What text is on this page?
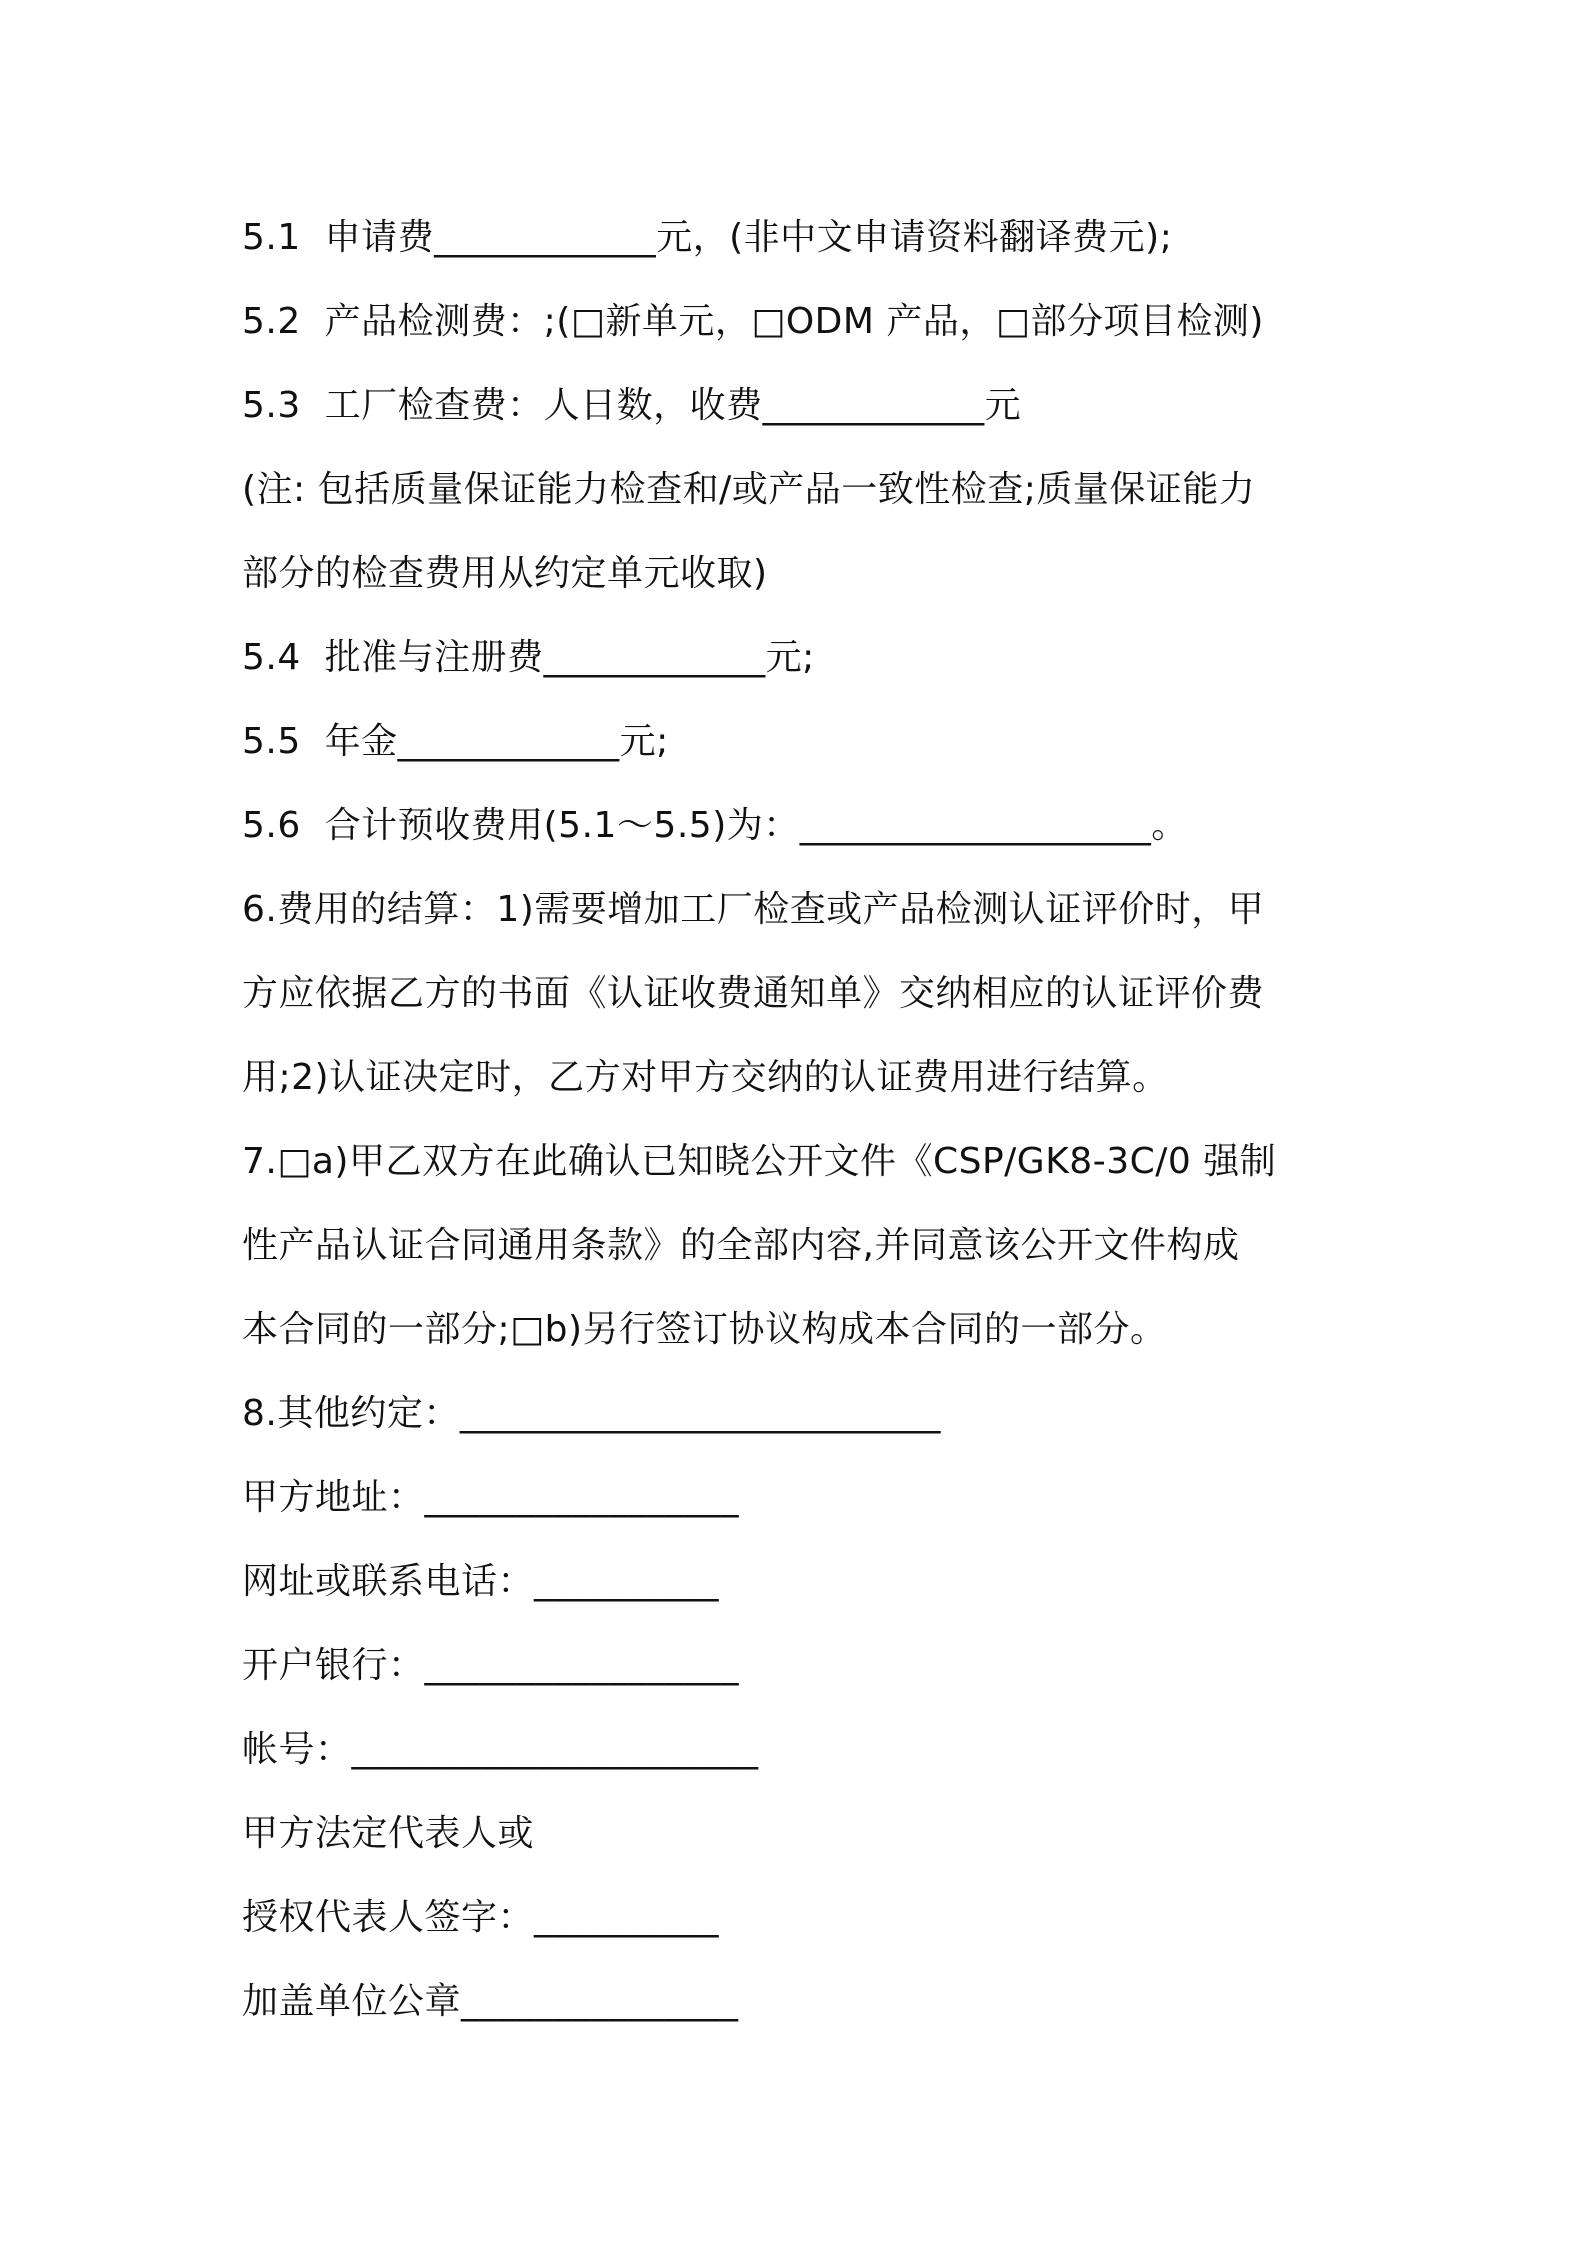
5.1  申请费____________元，(非中文申请资料翻译费元);
5.2  产品检测费：;(□新单元，□ODM 产品，□部分项目检测)
5.3  工厂检查费：人日数，收费____________元
(注: 包括质量保证能力检查和/或产品一致性检查;质量保证能力
部分的检查费用从约定单元收取)
5.4  批准与注册费____________元;
5.5  年金____________元;
5.6  合计预收费用(5.1～5.5)为：___________________。
6.费用的结算：1)需要增加工厂检查或产品检测认证评价时，甲
方应依据乙方的书面《认证收费通知单》交纳相应的认证评价费
用;2)认证决定时，乙方对甲方交纳的认证费用进行结算。
7.□a)甲乙双方在此确认已知晓公开文件《CSP/GK8-3C/0 强制
性产品认证合同通用条款》的全部内容,并同意该公开文件构成
本合同的一部分;□b)另行签订协议构成本合同的一部分。
8.其他约定：__________________________
甲方地址：_________________
网址或联系电话：__________
开户银行：_________________
帐号：______________________
甲方法定代表人或
授权代表人签字：__________
加盖单位公章_______________
